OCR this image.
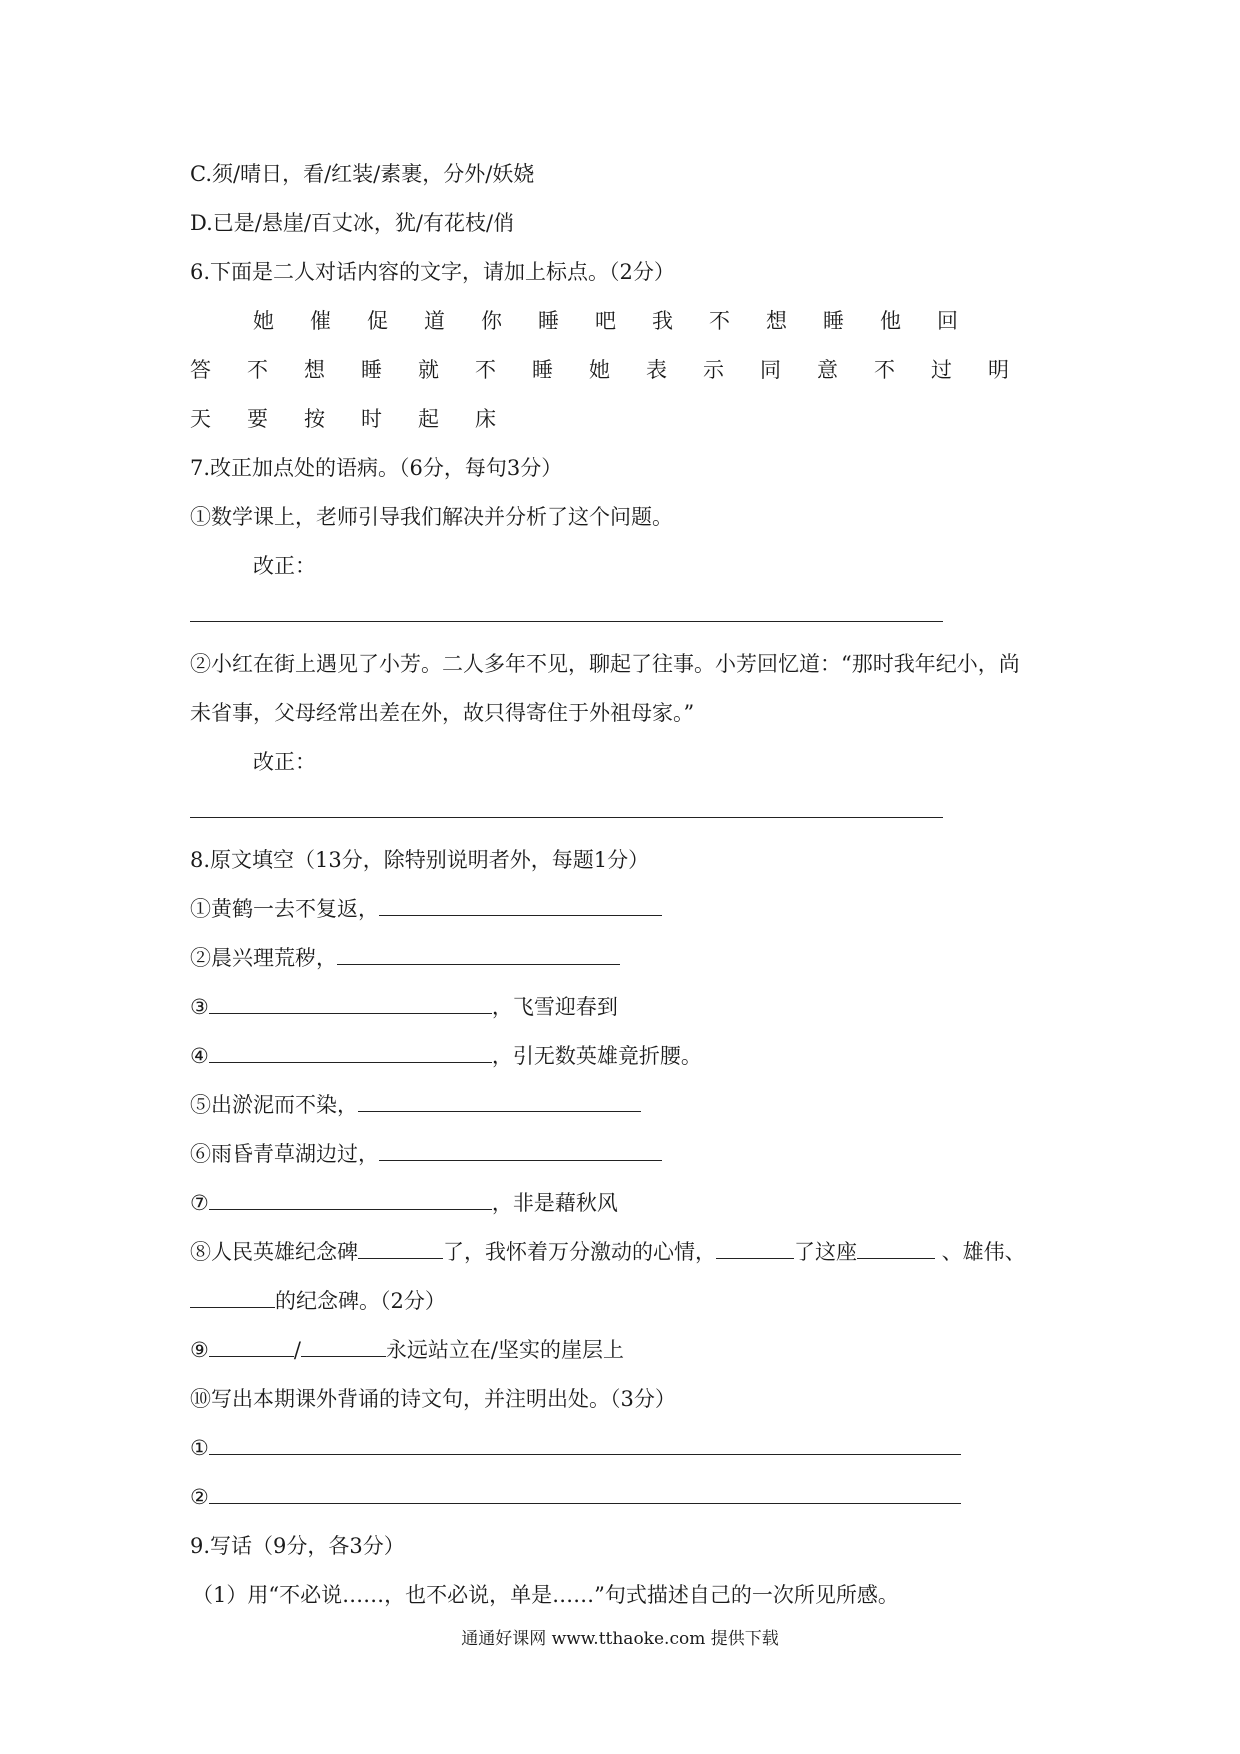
C.须/晴日，看/红装/素裹，分外/妖娆
D.已是/悬崖/百丈冰，犹/有花枝/俏
6.下面是二人对话内容的文字，请加上标点。（2分）
她 催 促 道 你 睡 吧 我 不 想 睡 他 回
答 不 想 睡 就 不 睡 她 表 示 同 意 不 过 明
天 要 按 时 起 床
7.改正加点处的语病。（6分，每句3分）
①数学课上，老师引导我们解决并分析了这个问题。
改正：
②小红在街上遇见了小芳。二人多年不见，聊起了往事。小芳回忆道：“那时我年纪小，尚
未省事，父母经常出差在外，故只得寄住于外祖母家。”
改正：
8.原文填空（13分，除特别说明者外，每题1分）
①黄鹤一去不复返，
②晨兴理荒秽，
③	，飞雪迎春到
④	，引无数英雄竟折腰。
⑤出淤泥而不染，
⑥雨昏青草湖边过，
⑦	，非是藉秋风
⑧人民英雄纪念碑	了，我怀着万分激动的心情，	了这座	、雄伟、
的纪念碑。（2分）
⑨	/	永远站立在/坚实的崖层上
⑩写出本期课外背诵的诗文句，并注明出处。（3分）
①
②
9.写话（9分，各3分）
（1）用“不必说……，也不必说，单是……”句式描述自己的一次所见所感。
通通好课网 www.tthaoke.com 提供下载
